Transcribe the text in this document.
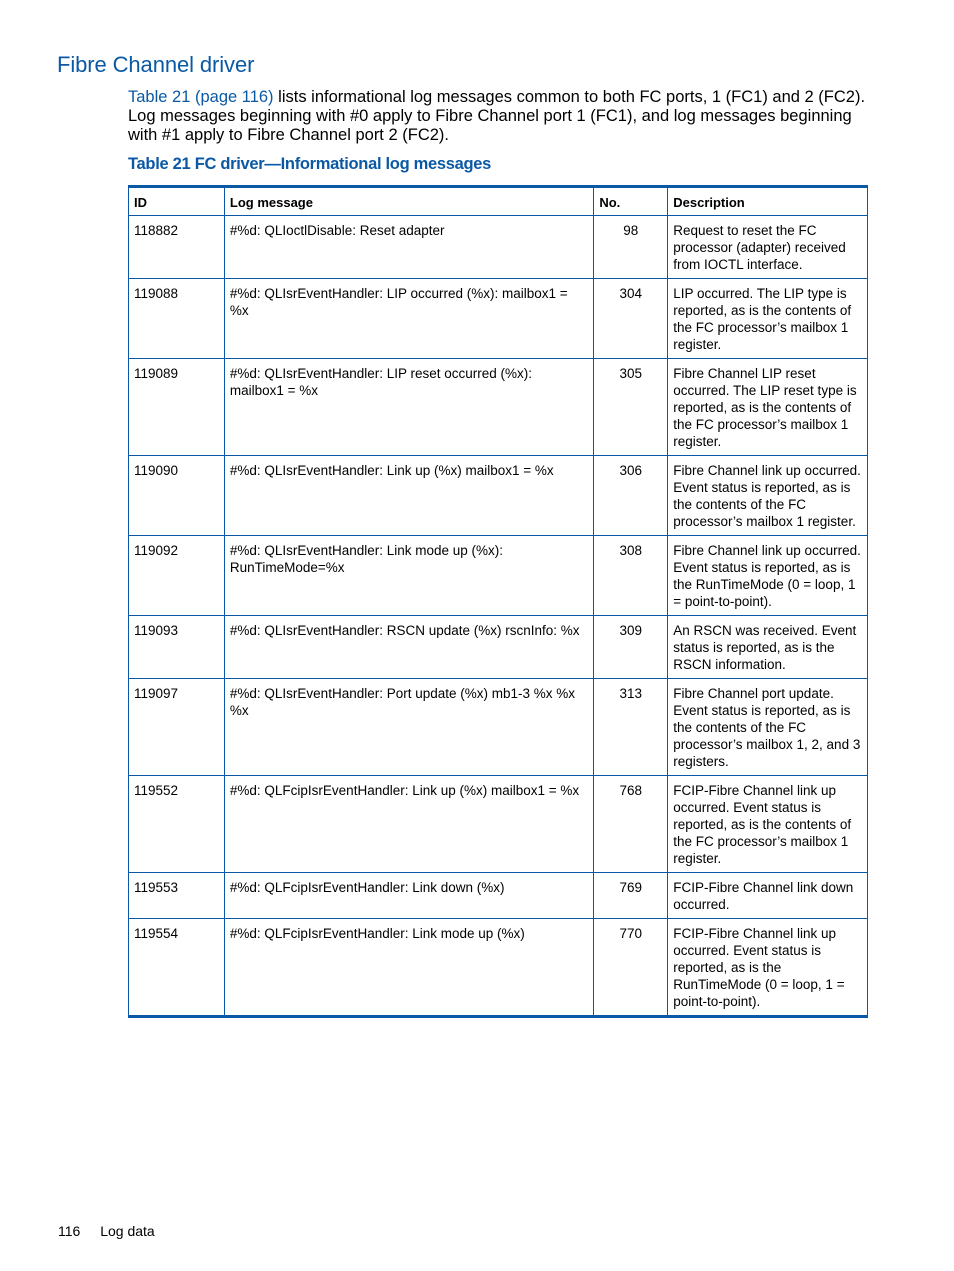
Fibre Channel driver

Table 21 (page 116) lists informational log messages common to both FC ports, 1 (FC1) and 2 (FC2). Log messages beginning with #0 apply to Fibre Channel port 1 (FC1), and log messages beginning with #1 apply to Fibre Channel port 2 (FC2).

Table 21 FC driver—Informational log messages
ID	Log message	No.	Description
118882	#%d: QLIoctlDisable: Reset adapter	98	Request to reset the FC processor (adapter) received from IOCTL interface.
119088	#%d: QLIsrEventHandler: LIP occurred (%x): mailbox1 = %x	304	LIP occurred. The LIP type is reported, as is the contents of the FC processor’s mailbox 1 register.
119089	#%d: QLIsrEventHandler: LIP reset occurred (%x): mailbox1 = %x	305	Fibre Channel LIP reset occurred. The LIP reset type is reported, as is the contents of the FC processor’s mailbox 1 register.
119090	#%d: QLIsrEventHandler: Link up (%x) mailbox1 = %x	306	Fibre Channel link up occurred. Event status is reported, as is the contents of the FC processor’s mailbox 1 register.
119092	#%d: QLIsrEventHandler: Link mode up (%x): RunTimeMode=%x	308	Fibre Channel link up occurred. Event status is reported, as is the RunTimeMode (0 = loop, 1 = point-to-point).
119093	#%d: QLIsrEventHandler: RSCN update (%x) rscnInfo: %x	309	An RSCN was received. Event status is reported, as is the RSCN information.
119097	#%d: QLIsrEventHandler: Port update (%x) mb1-3 %x %x %x	313	Fibre Channel port update. Event status is reported, as is the contents of the FC processor’s mailbox 1, 2, and 3 registers.
119552	#%d: QLFcipIsrEventHandler: Link up (%x) mailbox1 = %x	768	FCIP-Fibre Channel link up occurred. Event status is reported, as is the contents of the FC processor’s mailbox 1 register.
119553	#%d: QLFcipIsrEventHandler: Link down (%x)	769	FCIP-Fibre Channel link down occurred.
119554	#%d: QLFcipIsrEventHandler: Link mode up (%x)	770	FCIP-Fibre Channel link up occurred. Event status is reported, as is the RunTimeMode (0 = loop, 1 = point-to-point).
116 Log data
